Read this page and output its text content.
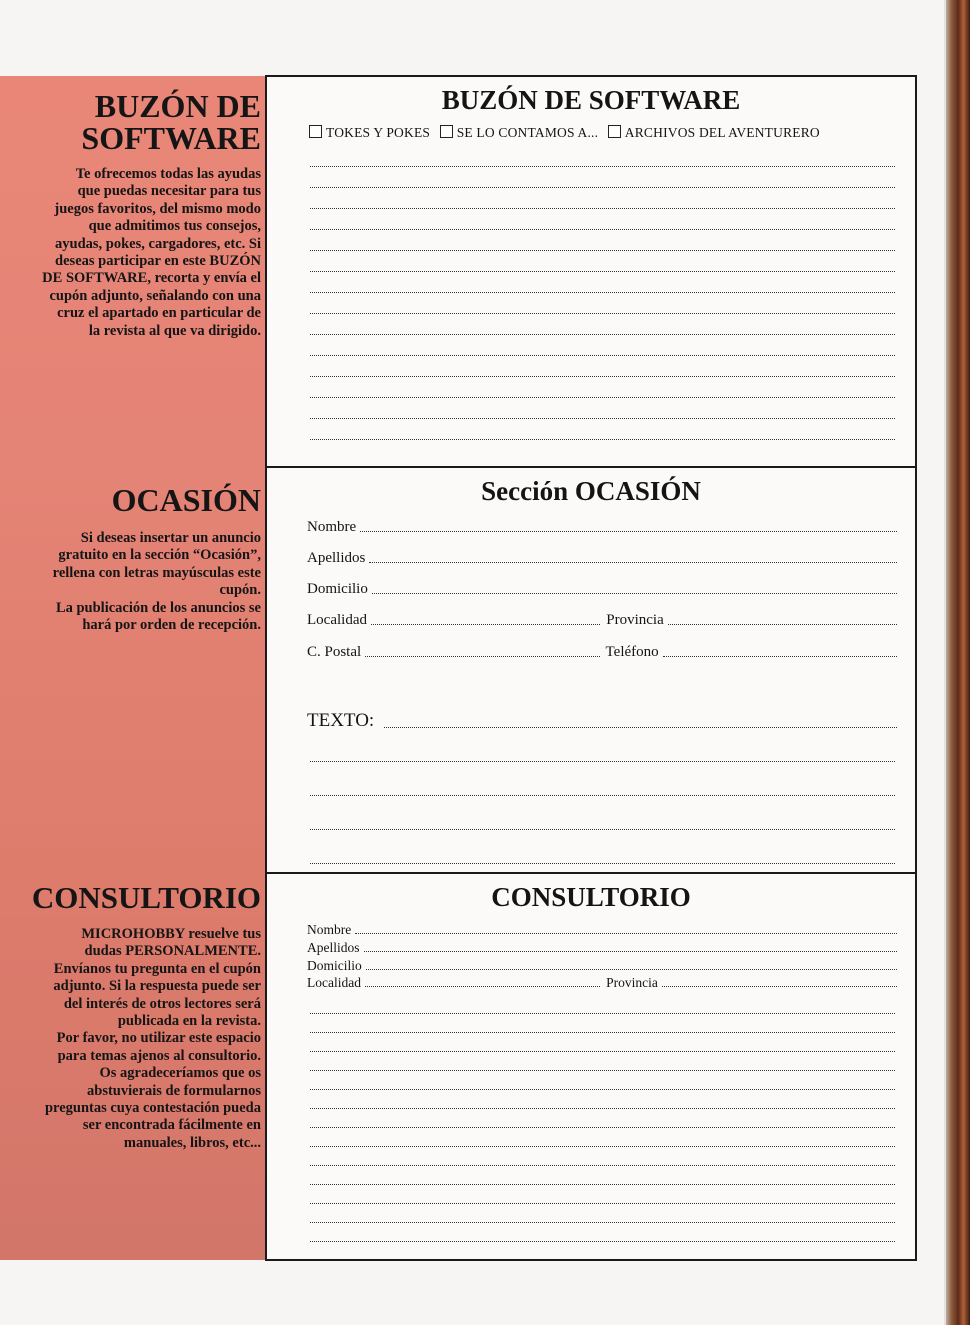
BUZÓN DE
SOFTWARE
Te ofrecemos todas las ayudas
que puedas necesitar para tus
juegos favoritos, del mismo modo
que admitimos tus consejos,
ayudas, pokes, cargadores, etc. Si
deseas participar en este BUZÓN
DE SOFTWARE, recorta y envía el
cupón adjunto, señalando con una
cruz el apartado en particular de
la revista al que va dirigido.
BUZÓN DE SOFTWARE
TOKES Y POKES SE LO CONTAMOS A... ARCHIVOS DEL AVENTURERO
OCASIÓN
Si deseas insertar un anuncio
gratuito en la sección “Ocasión”,
rellena con letras mayúsculas este
cupón.
La publicación de los anuncios se
hará por orden de recepción.
Sección OCASIÓN
Nombre
Apellidos
Domicilio
Localidad	Provincia
C. Postal	Teléfono
TEXTO:
CONSULTORIO
MICROHOBBY resuelve tus
dudas PERSONALMENTE.
Envíanos tu pregunta en el cupón
adjunto. Si la respuesta puede ser
del interés de otros lectores será
publicada en la revista.
Por favor, no utilizar este espacio
para temas ajenos al consultorio.
Os agradeceríamos que os
abstuvierais de formularnos
preguntas cuya contestación pueda
ser encontrada fácilmente en
manuales, libros, etc...
CONSULTORIO
Nombre
Apellidos
Domicilio
Localidad	Provincia
